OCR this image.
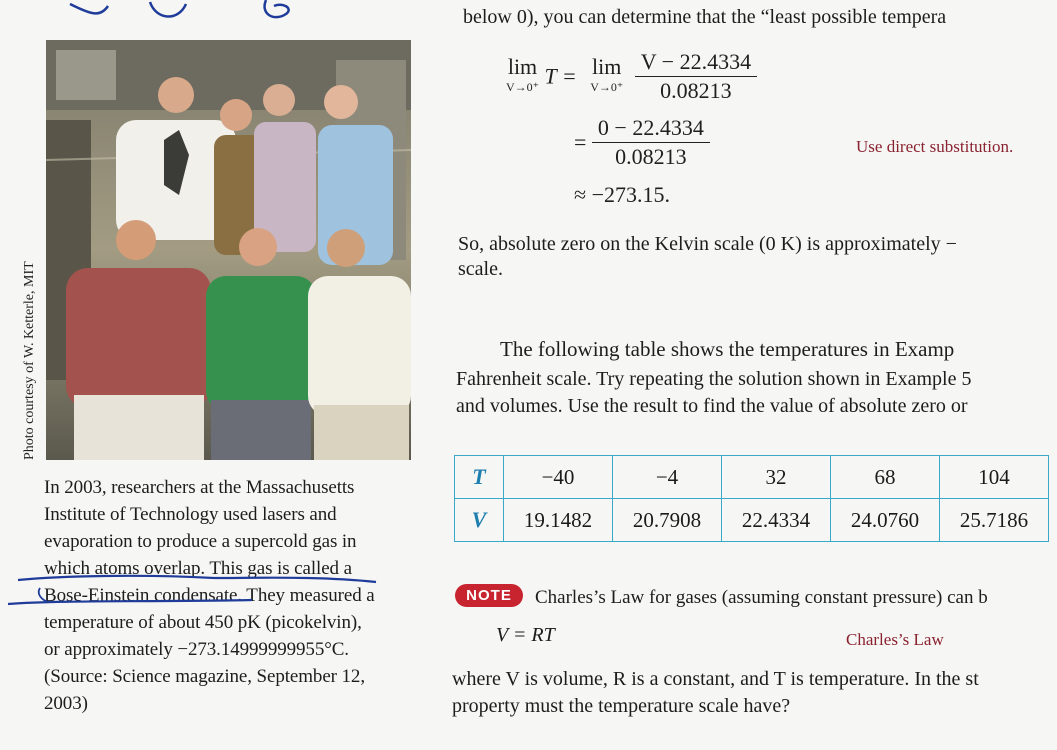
below 0), you can determine that the “least possible tempera
Photo courtesy of W. Ketterle, MIT

In 2003, researchers at the Massachusetts

Institute of Technology used lasers and

evaporation to produce a supercold gas in

which atoms overlap. This gas is called a

Bose-Einstein condensate. They measured a

temperature of about 450 pK (picokelvin),

or approximately −273.14999999955°C.

(Source: Science magazine, September 12,

2003)

lim
V→0⁺ T = lim
V→0⁺
$\frac{V - 22.4334}{0.08213}$
= $\frac{0 - 22.4334}{0.08213}$	Use direct substitution.
≈ −273.15.
So, absolute zero on the Kelvin scale (0 K) is approximately −
scale.
The following table shows the temperatures in Examp
Fahrenheit scale. Try repeating the solution shown in Example 5
and volumes. Use the result to find the value of absolute zero or
T	−40	−4	32	68	104
V	19.1482	20.7908	22.4334	24.0760	25.7186
NOTE	Charles’s Law for gases (assuming constant pressure) can b
V = RT	Charles’s Law
where V is volume, R is a constant, and T is temperature. In the st
property must the temperature scale have?
